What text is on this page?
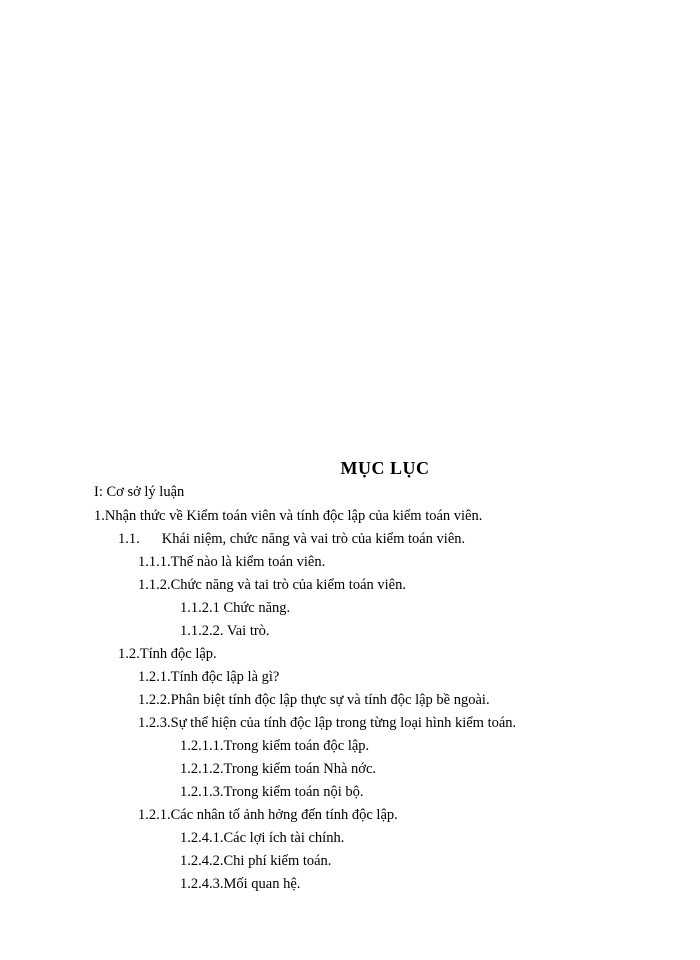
MỤC LỤC
I: Cơ sở lý luận
1.Nhận thức về Kiểm toán viên và tính độc lập của kiểm toán viên.
1.1. Khái niệm, chức năng và vai trò của kiểm toán viên.
1.1.1.Thế nào là kiểm toán viên.
1.1.2.Chức năng và tai trò của kiểm toán viên.
1.1.2.1 Chức năng.
1.1.2.2. Vai trò.
1.2.Tính độc lập.
1.2.1.Tính độc lập là gì?
1.2.2.Phân biệt tính độc lập thực sự và tính độc lập bề ngoài.
1.2.3.Sự thể hiện của tính độc lập trong từng loại hình kiểm toán.
1.2.1.1.Trong kiểm toán độc lập.
1.2.1.2.Trong kiểm toán Nhà nớc.
1.2.1.3.Trong kiểm toán nội bộ.
1.2.1.Các nhân tố ảnh hởng đến tính độc lập.
1.2.4.1.Các lợi ích tài chính.
1.2.4.2.Chi phí kiểm toán.
1.2.4.3.Mối quan hệ.
